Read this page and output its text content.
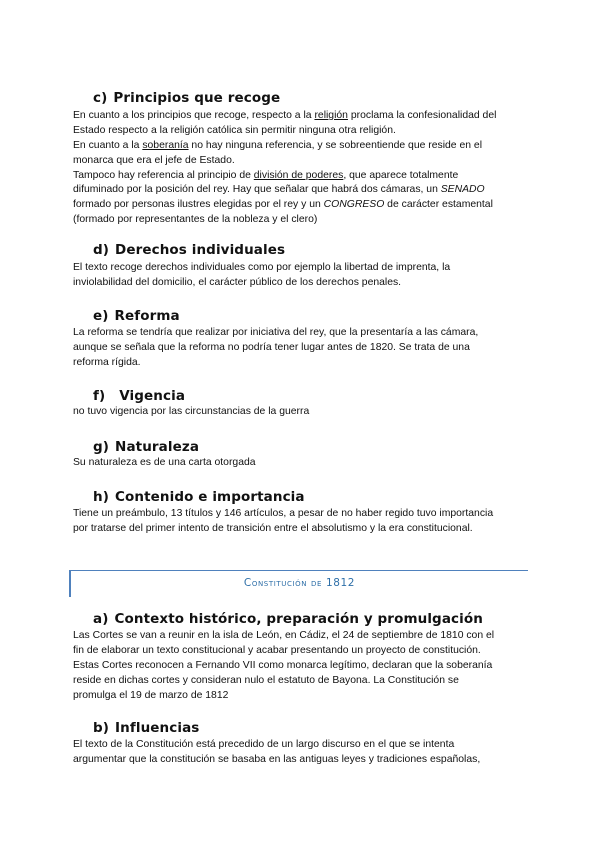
c) Principios que recoge
En cuanto a los principios que recoge, respecto a la religión proclama la confesionalidad del
Estado respecto a la religión católica sin permitir ninguna otra religión.
En cuanto a la soberanía no hay ninguna referencia, y se sobreentiende que reside en el
monarca que era el jefe de Estado.
Tampoco hay referencia al principio de división de poderes, que aparece totalmente
difuminado por la posición del rey. Hay que señalar que habrá dos cámaras, un SENADO
formado por personas ilustres elegidas por el rey y un CONGRESO de carácter estamental
(formado por representantes de la nobleza y el clero)
d) Derechos individuales
El texto recoge derechos individuales como por ejemplo la libertad de imprenta, la
inviolabilidad del domicilio, el carácter público de los derechos penales.
e) Reforma
La reforma se tendría que realizar por iniciativa del rey, que la presentaría a las cámara,
aunque se señala que la reforma no podría tener lugar antes de 1820. Se trata de una
reforma rígida.
f) Vigencia
no tuvo vigencia por las circunstancias de la guerra
g) Naturaleza
Su naturaleza es de una carta otorgada
h) Contenido e importancia
Tiene un preámbulo, 13 títulos y 146 artículos, a pesar de no haber regido tuvo importancia
por tratarse del primer intento de transición entre el absolutismo y la era constitucional.
Constitución de 1812
a) Contexto histórico, preparación y promulgación
Las Cortes se van a reunir en la isla de León, en Cádiz, el 24 de septiembre de 1810 con el
fin de elaborar un texto constitucional y acabar presentando un proyecto de constitución.
Estas Cortes reconocen a Fernando VII como monarca legítimo, declaran que la soberanía
reside en dichas cortes y consideran nulo el estatuto de Bayona. La Constitución se
promulga el 19 de marzo de 1812
b) Influencias
El texto de la Constitución está precedido de un largo discurso en el que se intenta
argumentar que la constitución se basaba en las antiguas leyes y tradiciones españolas,
